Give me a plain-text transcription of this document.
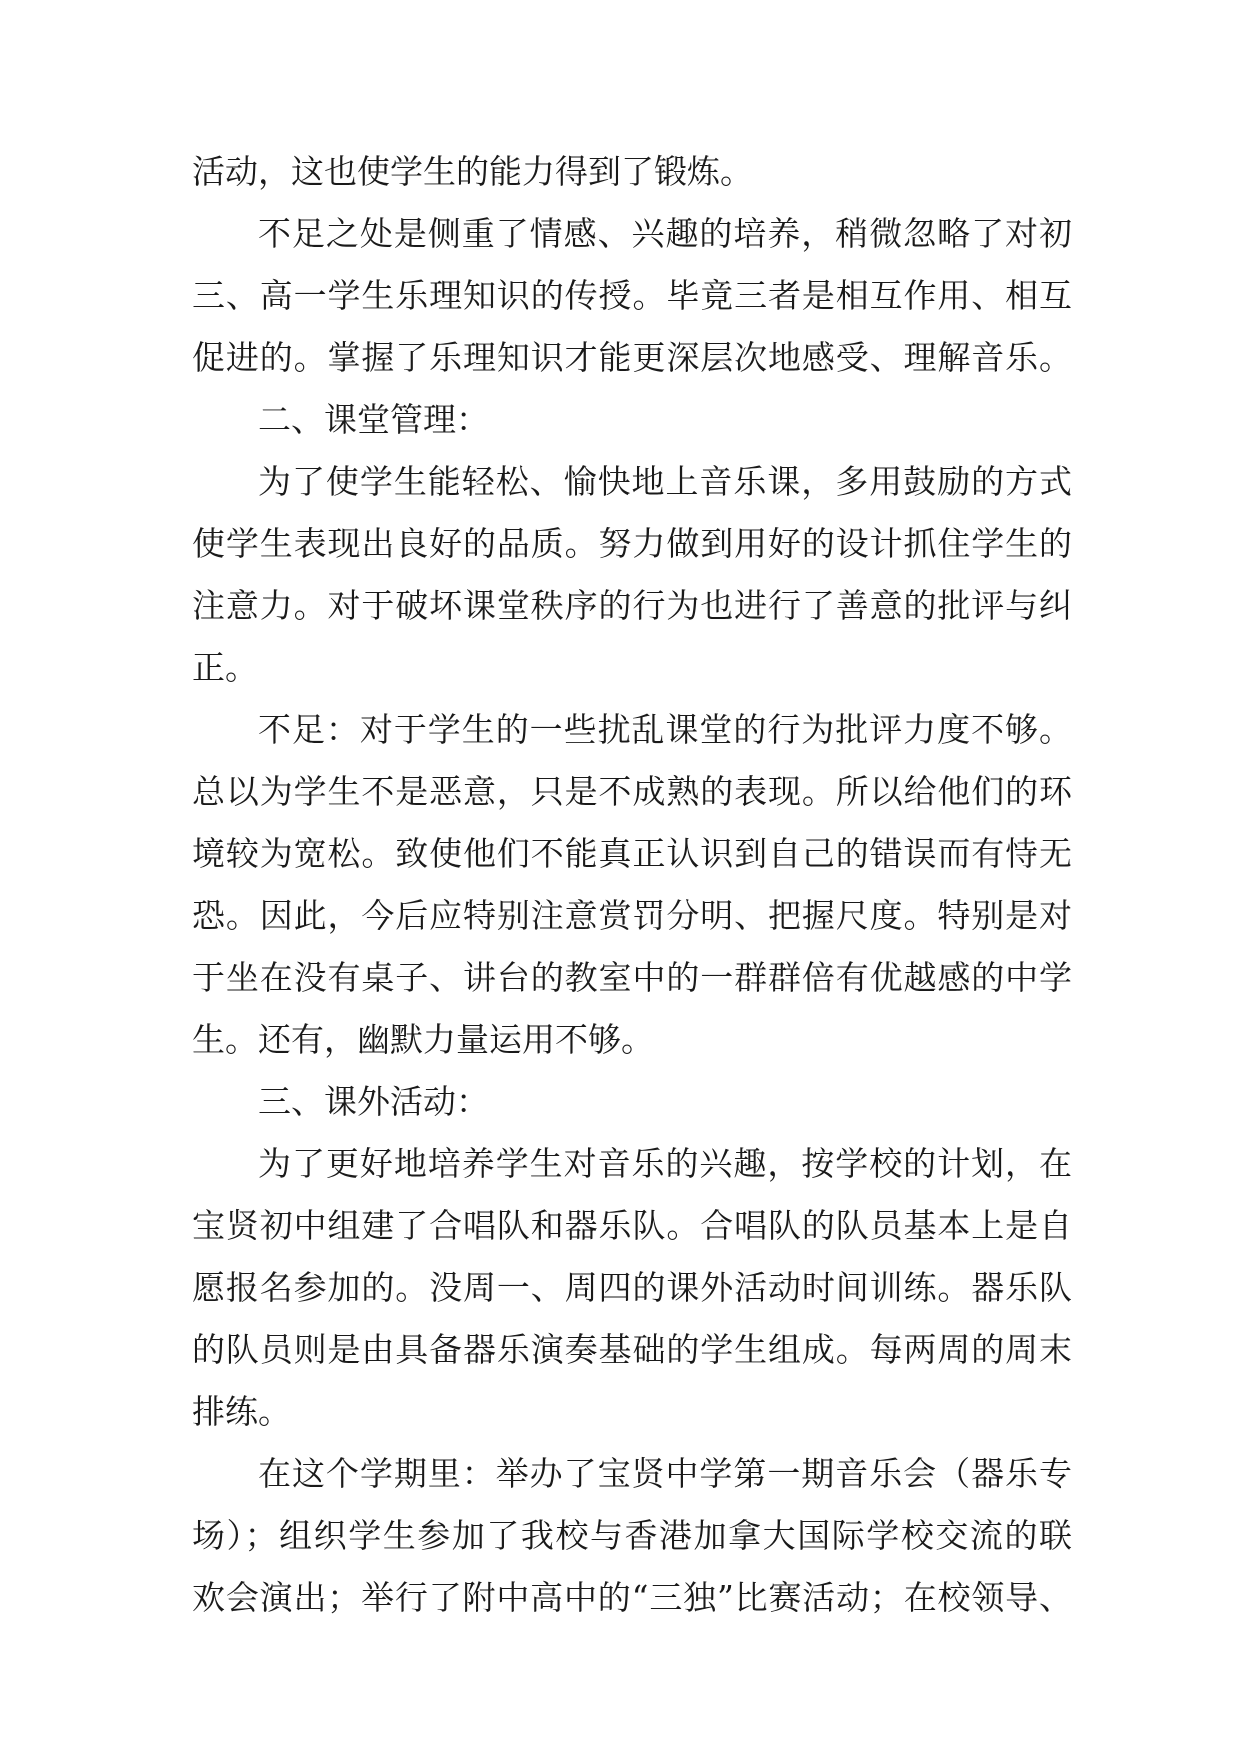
活动，这也使学生的能力得到了锻炼。
不足之处是侧重了情感、兴趣的培养，稍微忽略了对初
三、高一学生乐理知识的传授。毕竟三者是相互作用、相互
促进的。掌握了乐理知识才能更深层次地感受、理解音乐。
二、课堂管理：
为了使学生能轻松、愉快地上音乐课，多用鼓励的方式
使学生表现出良好的品质。努力做到用好的设计抓住学生的
注意力。对于破坏课堂秩序的行为也进行了善意的批评与纠
正。
不足：对于学生的一些扰乱课堂的行为批评力度不够。
总以为学生不是恶意，只是不成熟的表现。所以给他们的环
境较为宽松。致使他们不能真正认识到自己的错误而有恃无
恐。因此，今后应特别注意赏罚分明、把握尺度。特别是对
于坐在没有桌子、讲台的教室中的一群群倍有优越感的中学
生。还有，幽默力量运用不够。
三、课外活动：
为了更好地培养学生对音乐的兴趣，按学校的计划，在
宝贤初中组建了合唱队和器乐队。合唱队的队员基本上是自
愿报名参加的。没周一、周四的课外活动时间训练。器乐队
的队员则是由具备器乐演奏基础的学生组成。每两周的周末
排练。
在这个学期里：举办了宝贤中学第一期音乐会（器乐专
场）；组织学生参加了我校与香港加拿大国际学校交流的联
欢会演出；举行了附中高中的“三独”比赛活动；在校领导、
